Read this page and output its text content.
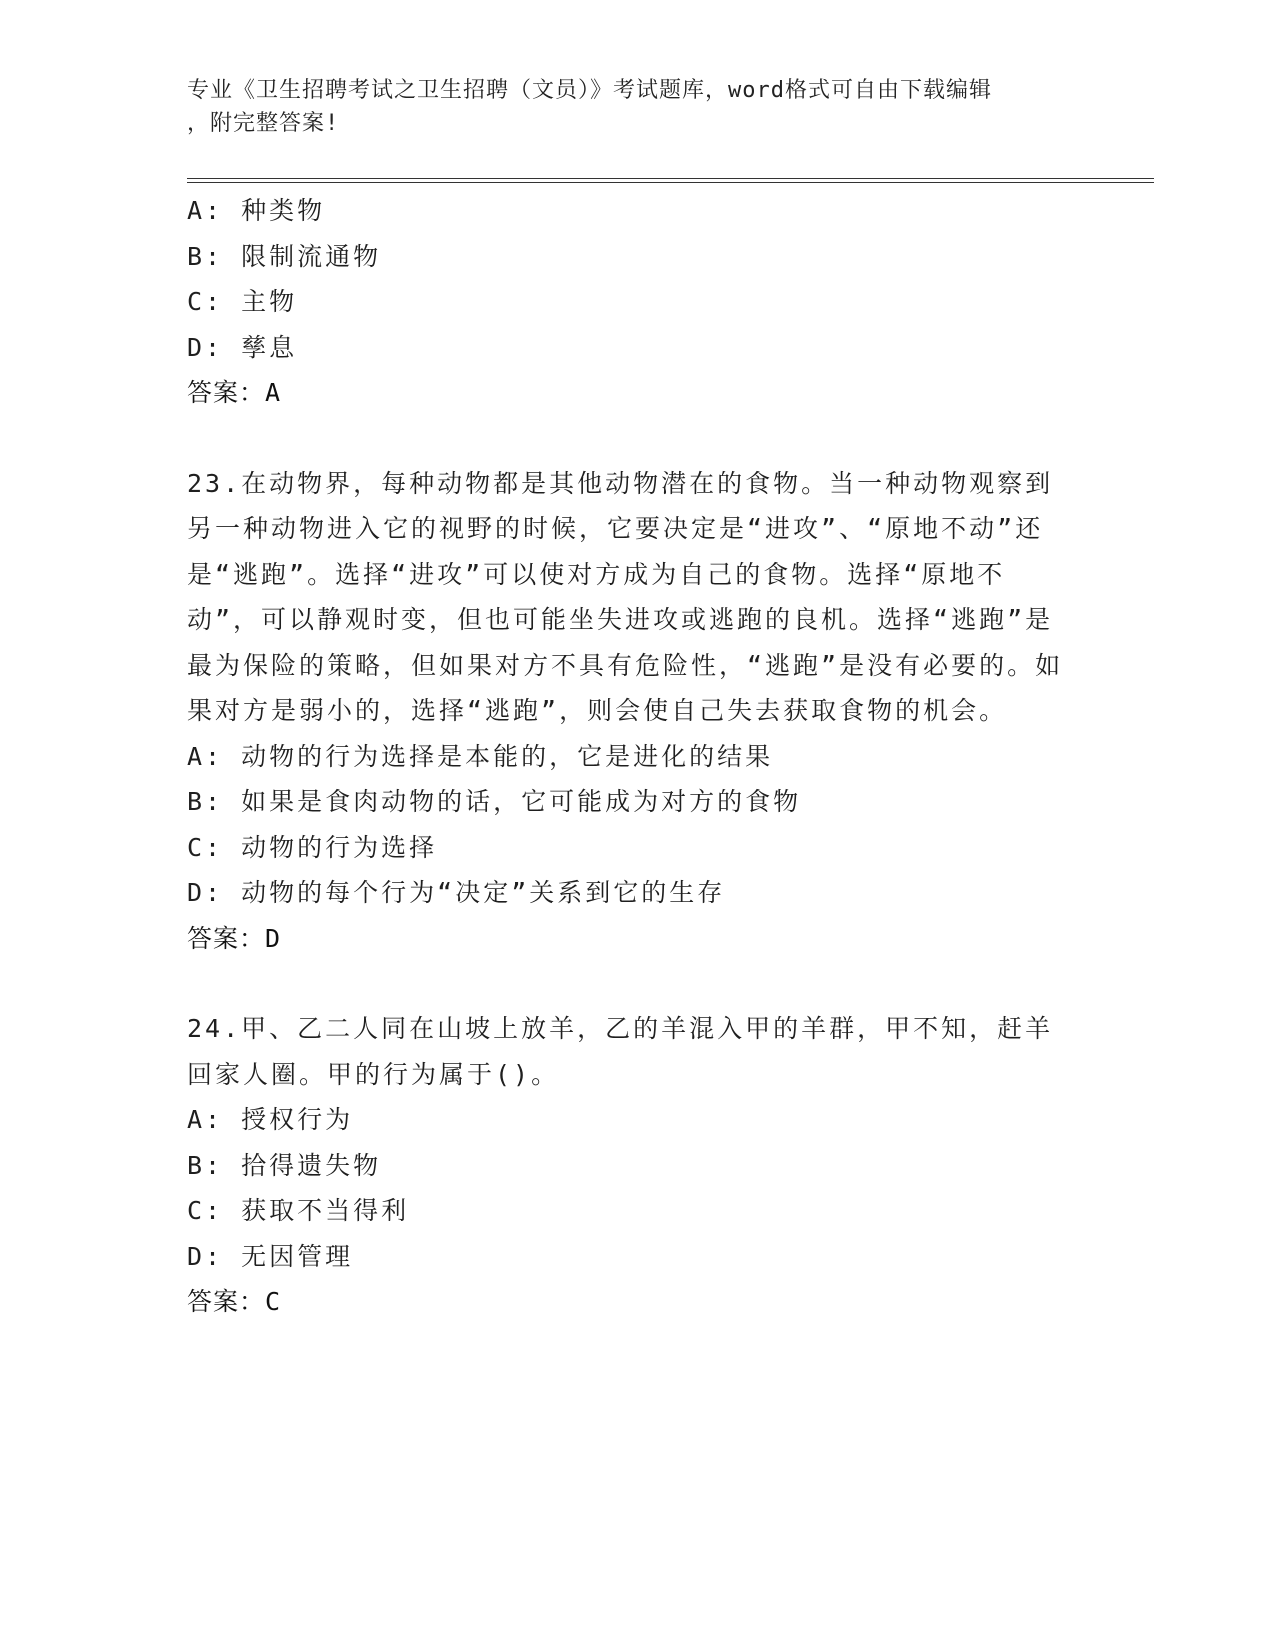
专业《卫生招聘考试之卫生招聘（文员）》考试题库，word格式可自由下载编辑
，附完整答案!
A: 种类物
B: 限制流通物
C: 主物
D: 孳息
答案：A
23.在动物界，每种动物都是其他动物潜在的食物。当一种动物观察到另一种动物进入它的视野的时候，它要决定是“进攻”、“原地不动”还是“逃跑”。选择“进攻”可以使对方成为自己的食物。选择“原地不动”，可以静观时变，但也可能坐失进攻或逃跑的良机。选择“逃跑”是最为保险的策略，但如果对方不具有危险性，“逃跑”是没有必要的。如果对方是弱小的，选择“逃跑”，则会使自己失去获取食物的机会。
A: 动物的行为选择是本能的，它是进化的结果
B: 如果是食肉动物的话，它可能成为对方的食物
C: 动物的行为选择
D: 动物的每个行为“决定”关系到它的生存
答案：D
24.甲、乙二人同在山坡上放羊，乙的羊混入甲的羊群，甲不知，赶羊回家人圈。甲的行为属于()。
A: 授权行为
B: 拾得遗失物
C: 获取不当得利
D: 无因管理
答案：C
